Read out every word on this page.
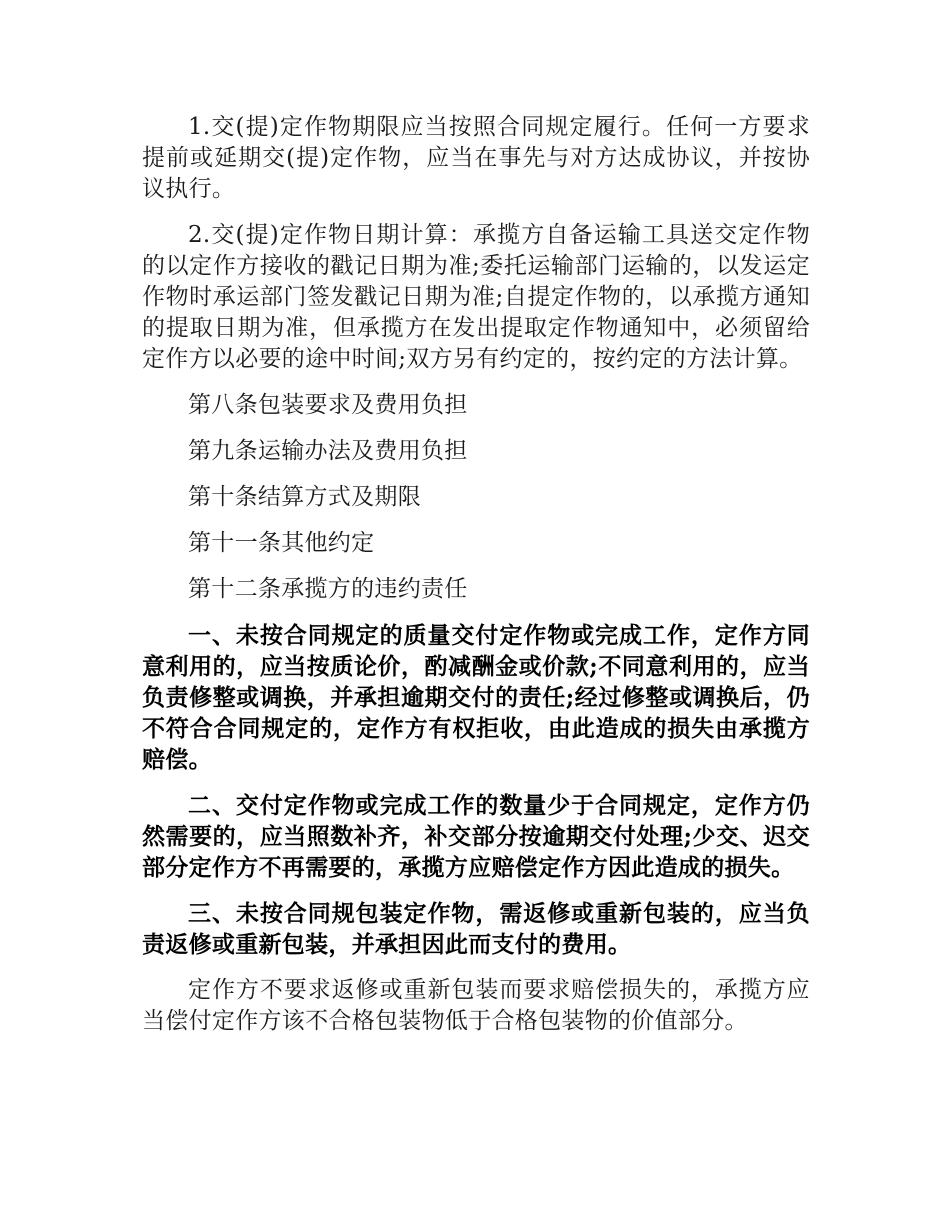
1.交(提)定作物期限应当按照合同规定履行。任何一方要求提前或延期交(提)定作物，应当在事先与对方达成协议，并按协议执行。

2.交(提)定作物日期计算：承揽方自备运输工具送交定作物的以定作方接收的戳记日期为准;委托运输部门运输的，以发运定作物时承运部门签发戳记日期为准;自提定作物的，以承揽方通知的提取日期为准，但承揽方在发出提取定作物通知中，必须留给定作方以必要的途中时间;双方另有约定的，按约定的方法计算。

第八条包装要求及费用负担

第九条运输办法及费用负担

第十条结算方式及期限

第十一条其他约定

第十二条承揽方的违约责任

一、未按合同规定的质量交付定作物或完成工作，定作方同意利用的，应当按质论价，酌减酬金或价款;不同意利用的，应当负责修整或调换，并承担逾期交付的责任;经过修整或调换后，仍不符合合同规定的，定作方有权拒收，由此造成的损失由承揽方赔偿。

二、交付定作物或完成工作的数量少于合同规定，定作方仍然需要的，应当照数补齐，补交部分按逾期交付处理;少交、迟交部分定作方不再需要的，承揽方应赔偿定作方因此造成的损失。

三、未按合同规包装定作物，需返修或重新包装的，应当负责返修或重新包装，并承担因此而支付的费用。

定作方不要求返修或重新包装而要求赔偿损失的，承揽方应当偿付定作方该不合格包装物低于合格包装物的价值部分。
